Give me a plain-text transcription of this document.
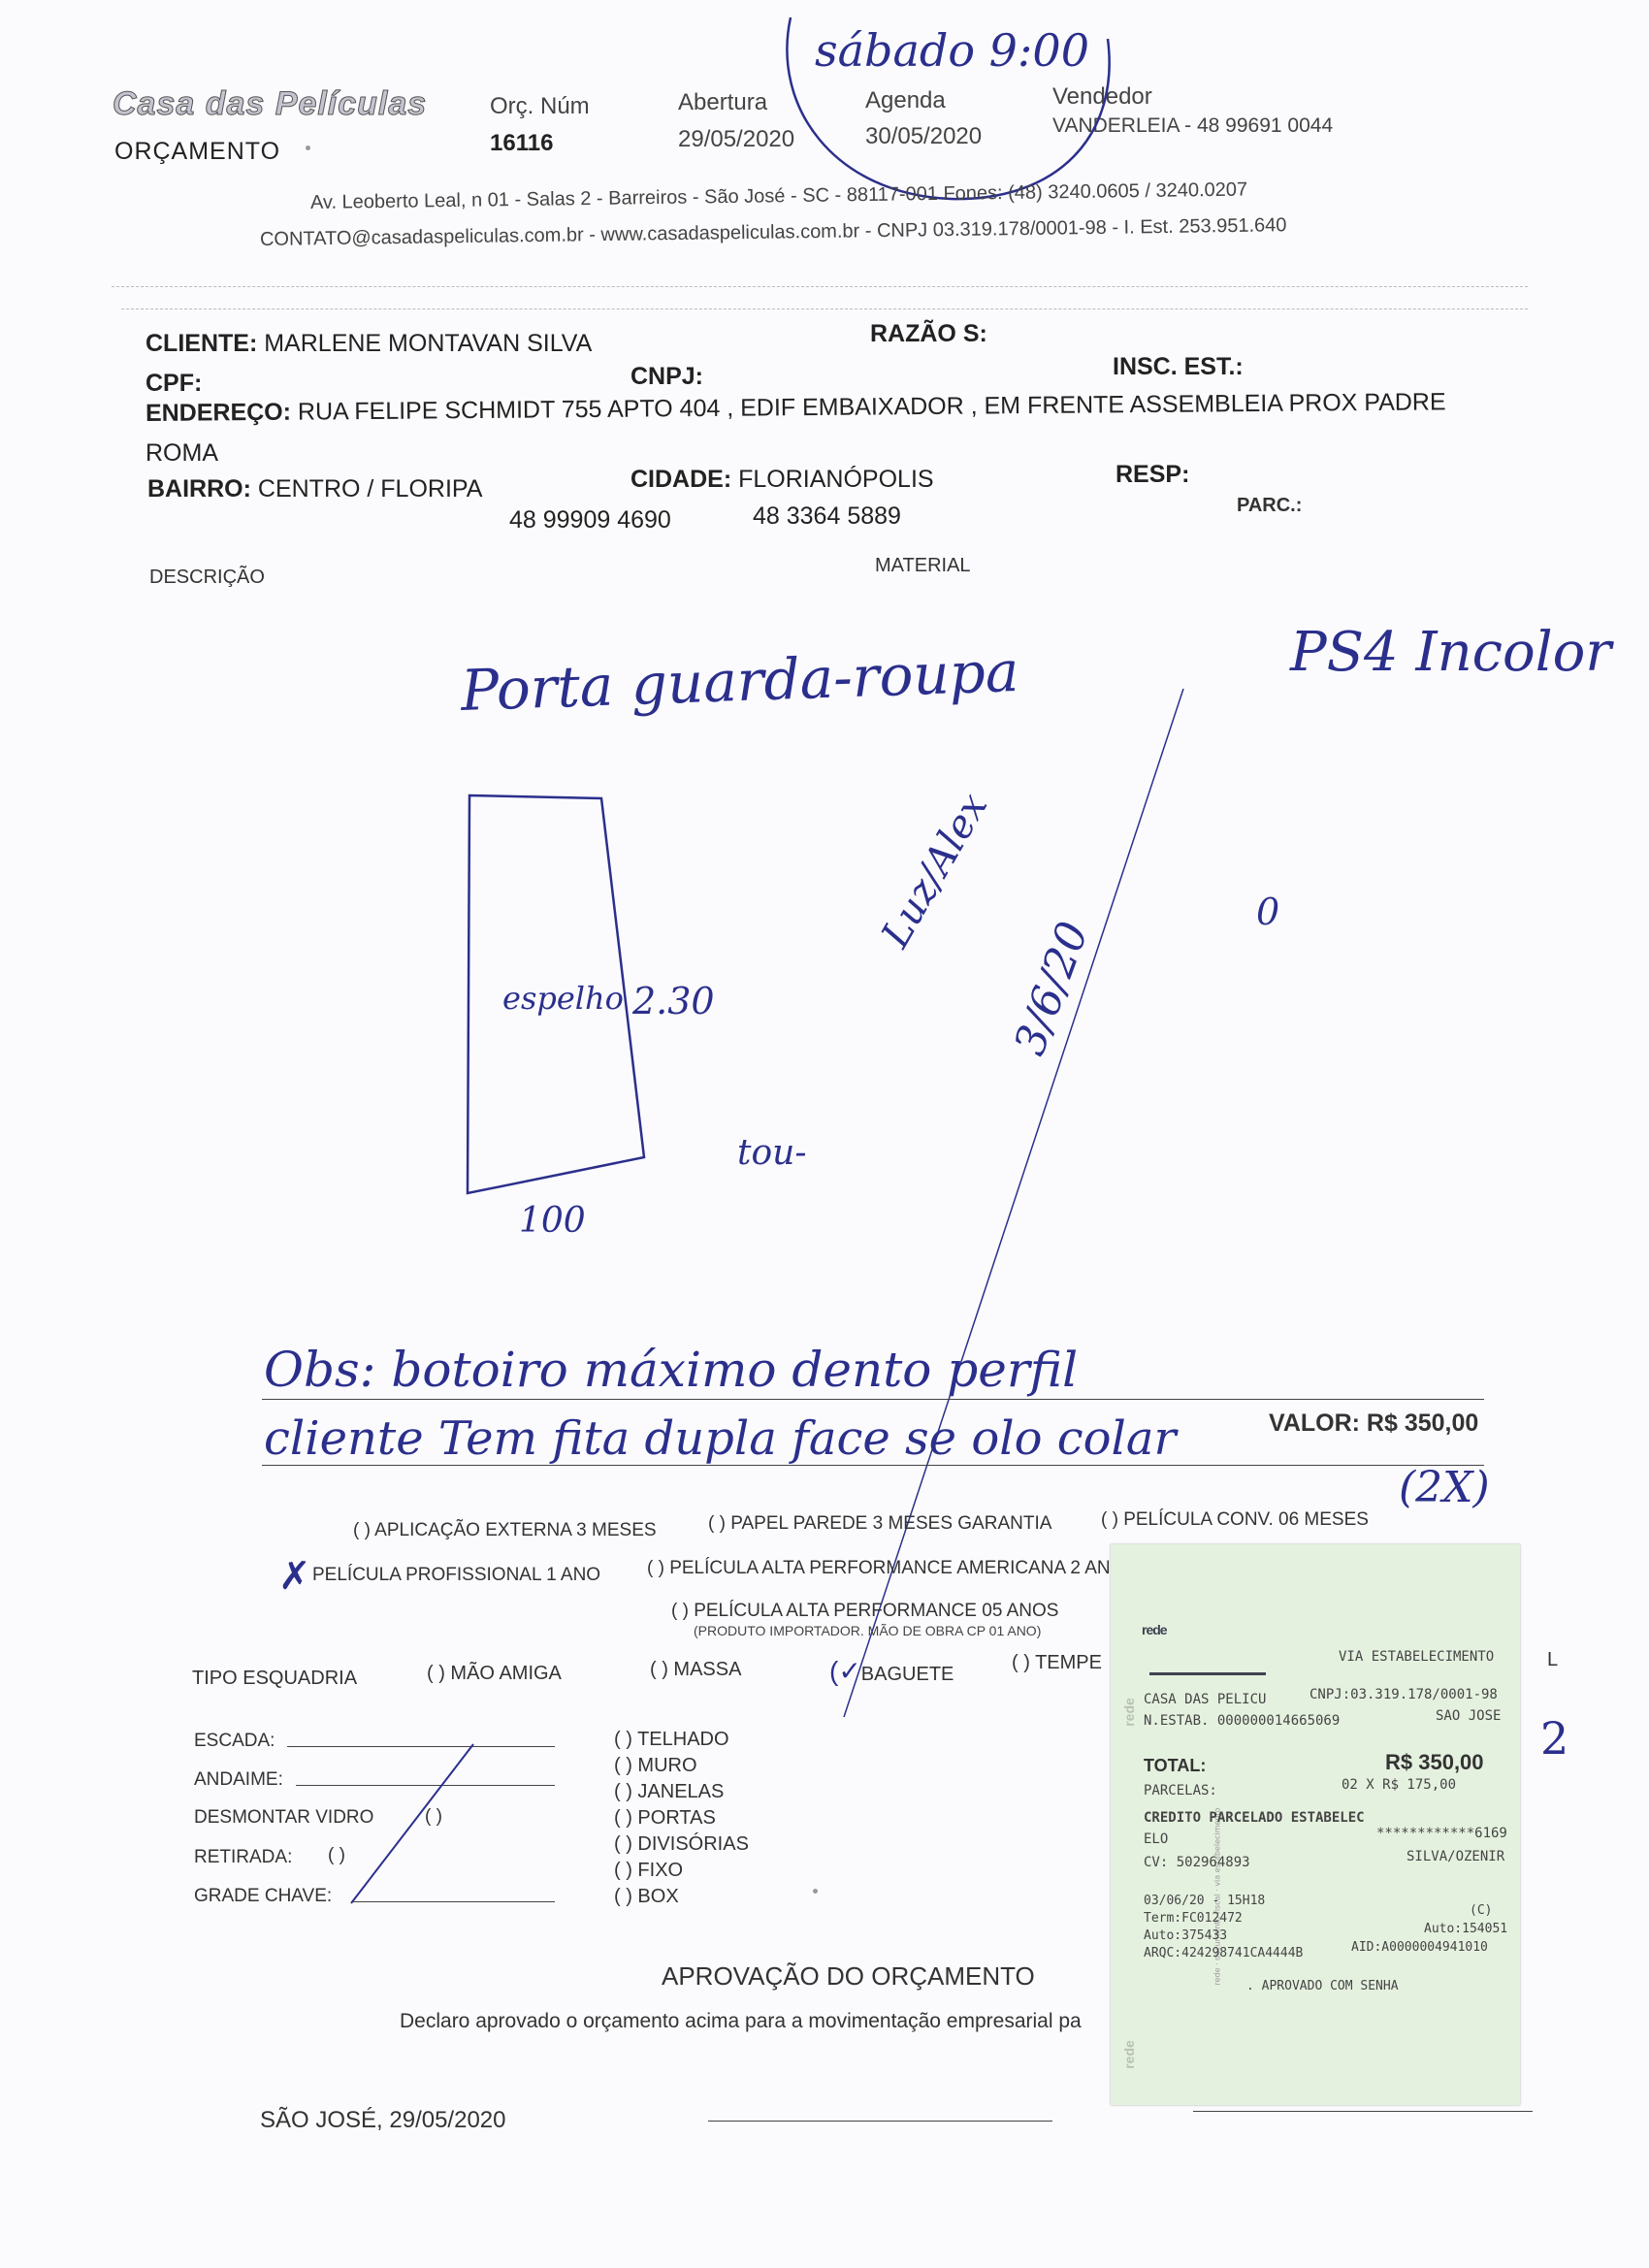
Casa das Películas
ORÇAMENTO
Orç. Núm
16116
Abertura
29/05/2020
Agenda
30/05/2020
Vendedor
VANDERLEIA - 48 99691 0044
sábado 9:00
Av. Leoberto Leal, n 01 - Salas 2 - Barreiros - São José - SC - 88117-001 Fones: (48) 3240.0605 / 3240.0207
CONTATO@casadaspeliculas.com.br - www.casadaspeliculas.com.br - CNPJ 03.319.178/0001-98 - I. Est. 253.951.640
CLIENTE: MARLENE MONTAVAN SILVA	RAZÃO S:
CPF:	CNPJ:	INSC. EST.:
ENDEREÇO: RUA FELIPE SCHMIDT 755 APTO 404 , EDIF EMBAIXADOR , EM FRENTE ASSEMBLEIA PROX PADRE
ROMA
BAIRRO: CENTRO / FLORIPA	CIDADE: FLORIANÓPOLIS	RESP:
48 99909 4690	48 3364 5889	PARC.:
DESCRIÇÃO
MATERIAL
Porta guarda-roupa	PS4 Incolor
espelho 2.30
100
tou-
Luz/Alex
3/6/20
0
Obs: botoiro máximo dento perfil
cliente Tem fita dupla face se olo colar	VALOR: R$ 350,00
(2X)
( ) APLICAÇÃO EXTERNA 3 MESES	( ) PAPEL PAREDE 3 MESES GARANTIA	( ) PELÍCULA CONV. 06 MESES
✗ PELÍCULA PROFISSIONAL 1 ANO	( ) PELÍCULA ALTA PERFORMANCE AMERICANA 2 AN
( ) PELÍCULA ALTA PERFORMANCE 05 ANOS
(PRODUTO IMPORTADOR. MÃO DE OBRA CP 01 ANO)
TIPO ESQUADRIA	( ) MÃO AMIGA	( ) MASSA	(✓BAGUETE
( ) TEMPE	L
ESCADA:
ANDAIME:
DESMONTAR VIDRO	( )
RETIRADA: ( )
GRADE CHAVE:
( ) TELHADO
( ) MURO
( ) JANELAS
( ) PORTAS
( ) DIVISÓRIAS
( ) FIXO
( ) BOX
2
APROVAÇÃO DO ORÇAMENTO
Declaro aprovado o orçamento acima para a movimentação empresarial pa
SÃO JOSÉ, 29/05/2020
rede · documento fiscal · via estabelecimento
rede
rede
rede
VIA ESTABELECIMENTO
CASA DAS PELICU	CNPJ:03.319.178/0001-98
N.ESTAB. 000000014665069	SAO JOSE
TOTAL:	R$ 350,00
PARCELAS:	02 X R$ 175,00
CREDITO PARCELADO ESTABELEC
ELO	************6169
CV: 502964893	SILVA/OZENIR
03/06/20 - 15H18
(C)
Term:FC012472
Auto:375433	Auto:154051
ARQC:424298741CA4444B	AID:A0000004941010
. APROVADO COM SENHA
